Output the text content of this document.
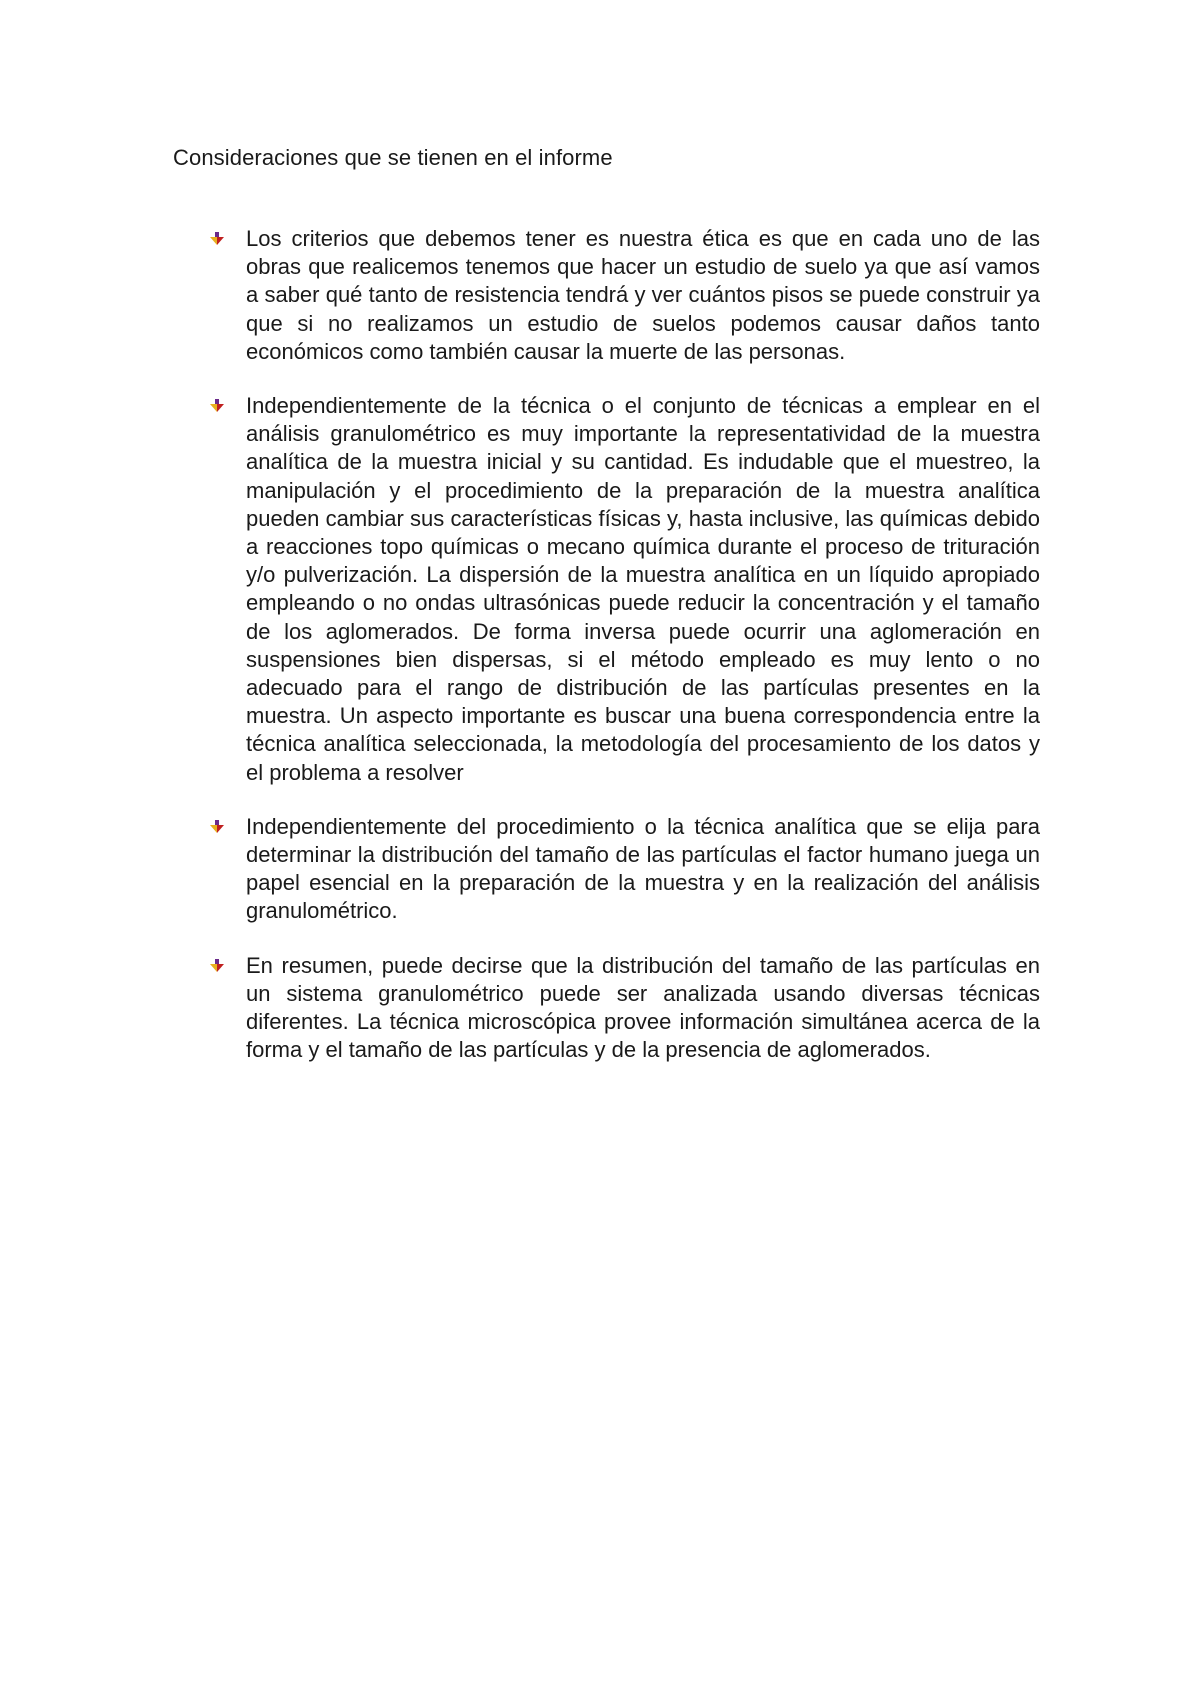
Consideraciones que se tienen en el informe
Los criterios que debemos tener es nuestra ética es que en cada uno de las obras que realicemos tenemos que hacer un estudio de suelo ya que así vamos a saber qué tanto de resistencia tendrá y ver cuántos pisos se puede construir ya que si no realizamos un estudio de suelos podemos causar daños tanto económicos como también causar la muerte de las personas.
Independientemente de la técnica o el conjunto de técnicas a emplear en el análisis granulométrico es muy importante la representatividad de la muestra analítica de la muestra inicial y su cantidad. Es indudable que el muestreo, la manipulación y el procedimiento de la preparación de la muestra analítica pueden cambiar sus características físicas y, hasta inclusive, las químicas debido a reacciones topo químicas o mecano química durante el proceso de trituración y/o pulverización. La dispersión de la muestra analítica en un líquido apropiado empleando o no ondas ultrasónicas puede reducir la concentración y el tamaño de los aglomerados. De forma inversa puede ocurrir una aglomeración en suspensiones bien dispersas, si el método empleado es muy lento o no adecuado para el rango de distribución de las partículas presentes en la muestra. Un aspecto importante es buscar una buena correspondencia entre la técnica analítica seleccionada, la metodología del procesamiento de los datos y el problema a resolver
Independientemente del procedimiento o la técnica analítica que se elija para determinar la distribución del tamaño de las partículas el factor humano juega un papel esencial en la preparación de la muestra y en la realización del análisis granulométrico.
En resumen, puede decirse que la distribución del tamaño de las partículas en un sistema granulométrico puede ser analizada usando diversas técnicas diferentes. La técnica microscópica provee información simultánea acerca de la forma y el tamaño de las partículas y de la presencia de aglomerados.
